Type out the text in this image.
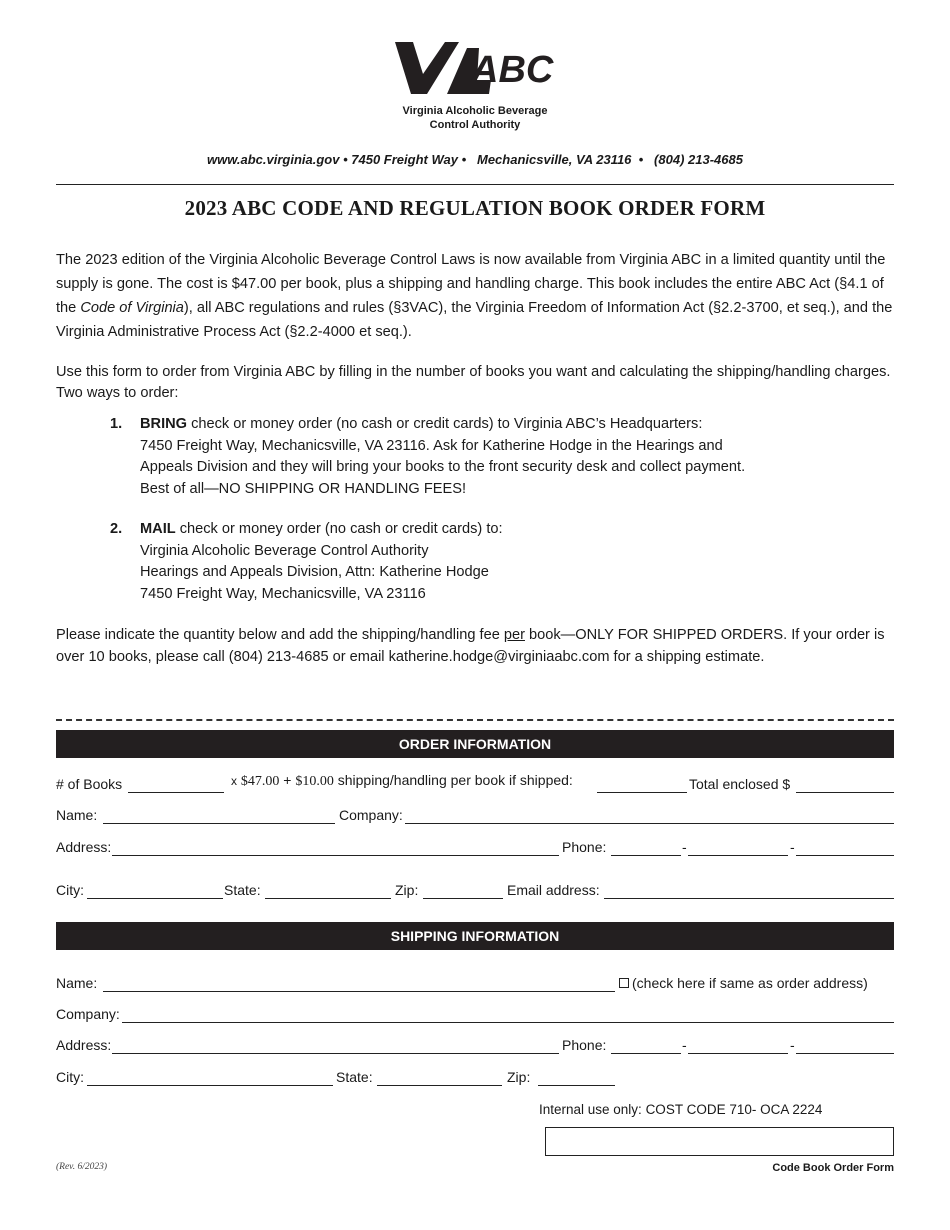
ABC
Virginia Alcoholic Beverage
Control Authority
www.abc.virginia.gov • 7450 Freight Way •   Mechanicsville, VA 23116  •   (804) 213-4685
2023 ABC CODE AND REGULATION BOOK ORDER FORM
The 2023 edition of the Virginia Alcoholic Beverage Control Laws is now available from Virginia ABC in a limited quantity until the supply is gone. The cost is $47.00 per book, plus a shipping and handling charge. This book includes the entire ABC Act (§4.1 of the Code of Virginia), all ABC regulations and rules (§3VAC), the Virginia Freedom of Information Act (§2.2-3700, et seq.), and the Virginia Administrative Process Act (§2.2-4000 et seq.).
Use this form to order from Virginia ABC by filling in the number of books you want and calculating the shipping/handling charges. Two ways to order:
1. BRING check or money order (no cash or credit cards) to Virginia ABC’s Headquarters:
7450 Freight Way, Mechanicsville, VA 23116. Ask for Katherine Hodge in the Hearings and
Appeals Division and they will bring your books to the front security desk and collect payment.
Best of all—NO SHIPPING OR HANDLING FEES!
2. MAIL check or money order (no cash or credit cards) to:
Virginia Alcoholic Beverage Control Authority
Hearings and Appeals Division, Attn: Katherine Hodge
7450 Freight Way, Mechanicsville, VA 23116
Please indicate the quantity below and add the shipping/handling fee per book—ONLY FOR SHIPPED ORDERS. If your order is over 10 books, please call (804) 213-4685 or email katherine.hodge@virginiaabc.com for a shipping estimate.
ORDER INFORMATION
# of Books	x $47.00 + $10.00 shipping/handling per book if shipped:	Total enclosed $
Name:	Company:
Address:	Phone:	-	-
City:	State:	Zip:	Email address:
SHIPPING INFORMATION
Name:	(check here if same as order address)
Company:
Address:	Phone:	-	-
City:	State:	Zip:
Internal use only: COST CODE 710- OCA 2224
(Rev. 6/2023)	Code Book Order Form
